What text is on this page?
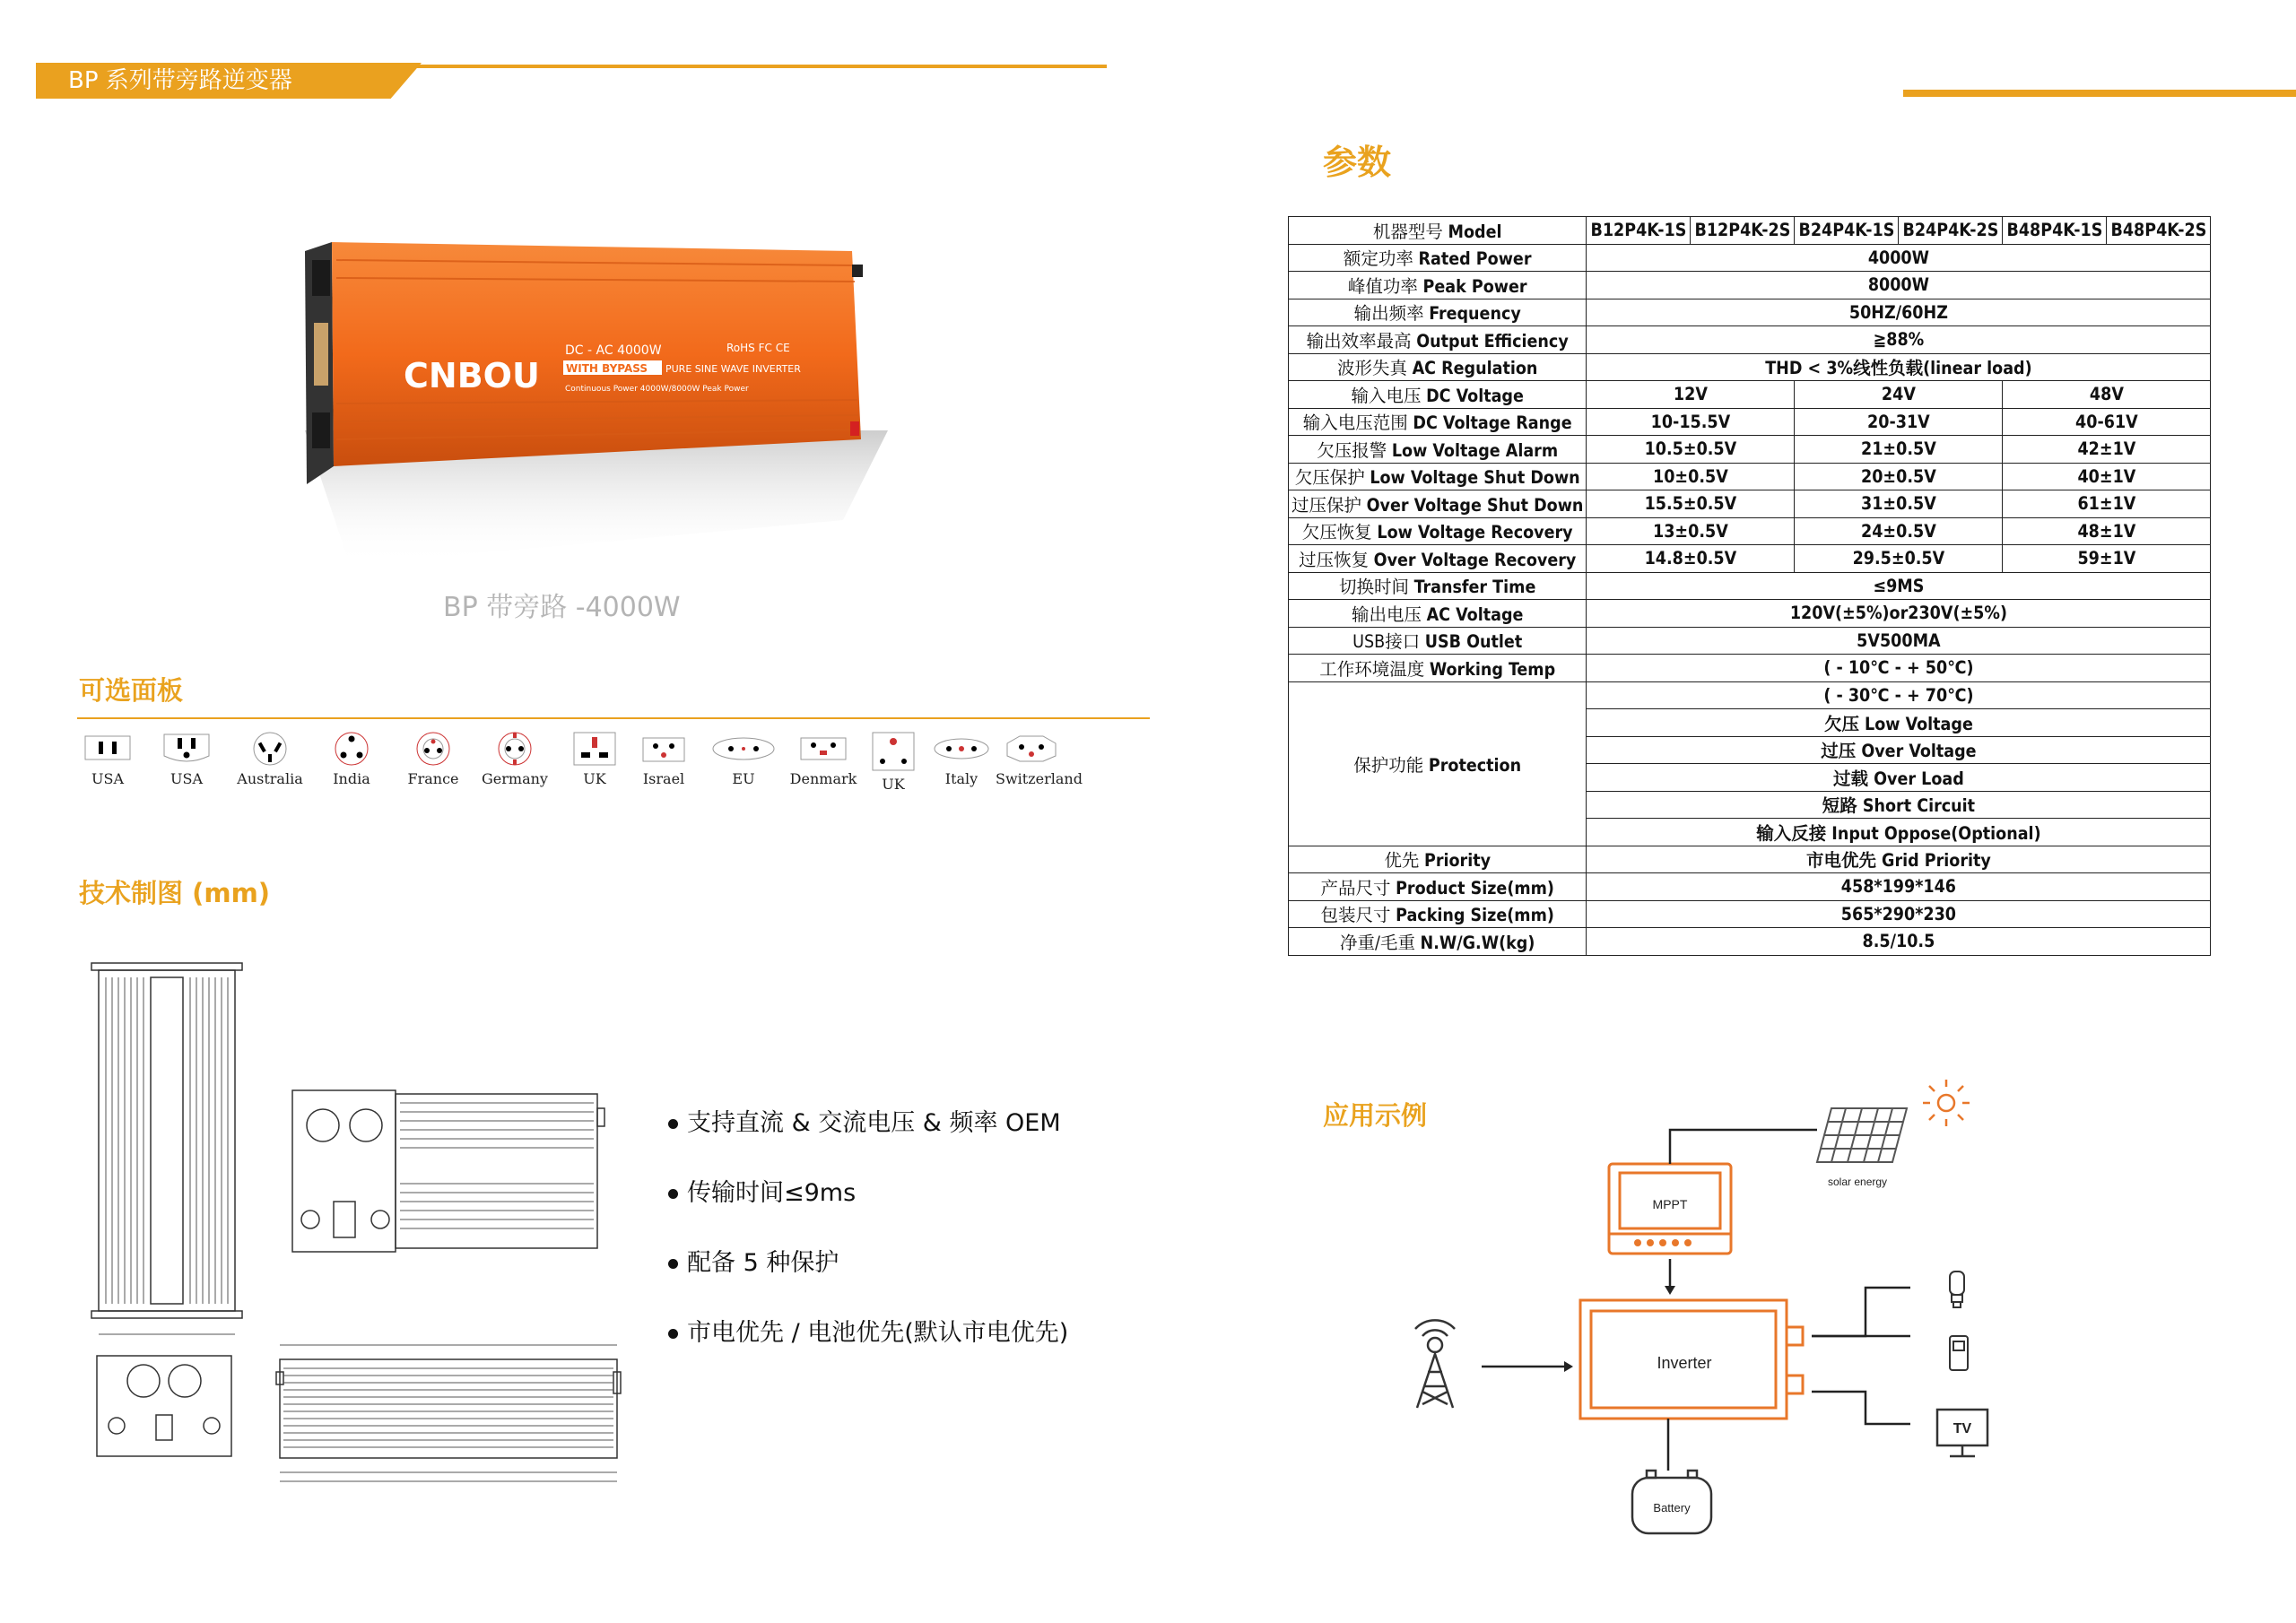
BP 系列带旁路逆变器
CNBOU
DC - AC 4000W
WITH BYPASS PURE SINE WAVE INVERTER
Continuous Power 4000W/8000W Peak Power
RoHS FC CE
BP 带旁路 -4000W
可选面板
USA	USA	Australia	India	France	Germany	UK	Israel	EU	Denmark	UK	Italy	Switzerland
技术制图 (mm)
支持直流 & 交流电压 & 频率 OEM
传输时间≤9ms
配备 5 种保护
市电优先 / 电池优先(默认市电优先)
参数
机器型号 Model	B12P4K-1S	B12P4K-2S	B24P4K-1S	B24P4K-2S	B48P4K-1S	B48P4K-2S
额定功率 Rated Power	4000W					
峰值功率 Peak Power	8000W					
输出频率 Frequency	50HZ/60HZ					
输出效率最高 Output Efficiency	≧88%					
波形失真 AC Regulation	THD < 3%线性负载(linear load)					
输入电压 DC Voltage	12V		24V		48V	
输入电压范围 DC Voltage Range	10-15.5V		20-31V		40-61V	
欠压报警 Low Voltage Alarm	10.5±0.5V		21±0.5V		42±1V	
欠压保护 Low Voltage Shut Down	10±0.5V		20±0.5V		40±1V	
过压保护 Over Voltage Shut Down	15.5±0.5V		31±0.5V		61±1V	
欠压恢复 Low Voltage Recovery	13±0.5V		24±0.5V		48±1V	
过压恢复 Over Voltage Recovery	14.8±0.5V		29.5±0.5V		59±1V	
切换时间 Transfer Time	≤9MS					
输出电压 AC Voltage	120V(±5%)or230V(±5%)					
USB接口 USB Outlet	5V500MA					
工作环境温度 Working Temp	( - 10℃ - + 50℃)					
保护功能 Protection	( - 30℃ - + 70℃)					
	欠压 Low Voltage					
	过压 Over Voltage					
	过载 Over Load					
	短路 Short Circuit					
	输入反接 Input Oppose(Optional)					
优先 Priority	市电优先 Grid Priority					
产品尺寸 Product Size(mm)	458*199*146					
包装尺寸 Packing Size(mm)	565*290*230					
净重/毛重 N.W/G.W(kg)	8.5/10.5					
应用示例
MPPT
Inverter
solar energy
TV
Battery
